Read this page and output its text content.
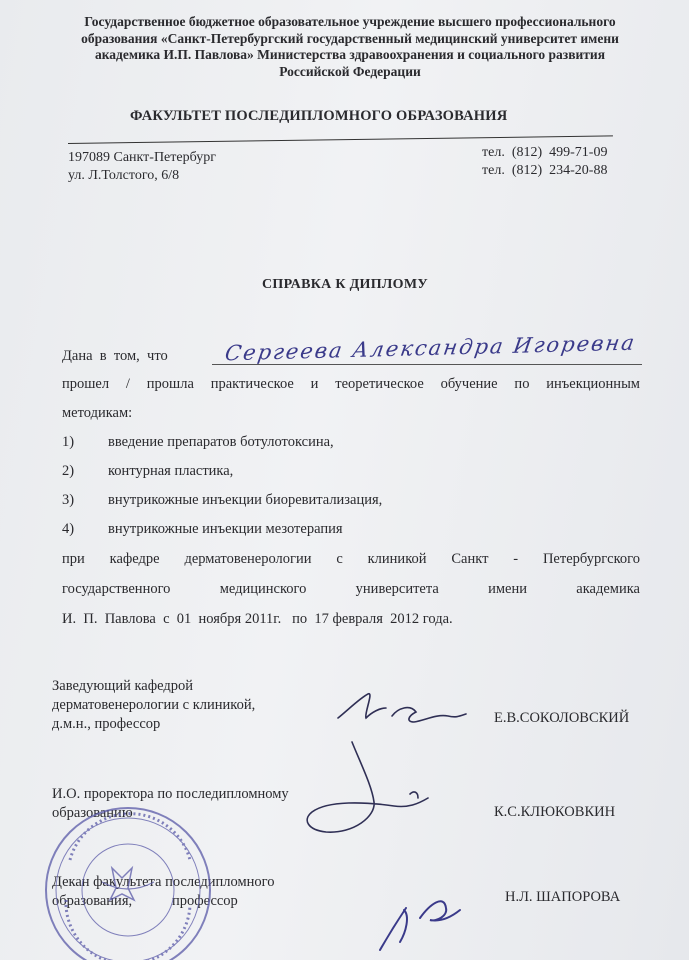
Государственное бюджетное образовательное учреждение высшего профессионального
образования «Санкт-Петербургский государственный медицинский университет имени
академика И.П. Павлова» Министерства здравоохранения и социального развития
Российской Федерации
ФАКУЛЬТЕТ ПОСЛЕДИПЛОМНОГО ОБРАЗОВАНИЯ
197089 Санкт-Петербург
ул. Л.Толстого, 6/8
тел.  (812)  499-71-09
тел.  (812)  234-20-88
СПРАВКА К ДИПЛОМУ
Дана  в  том,  что	Сергеева Александра Игоревна
прошел / прошла практическое и теоретическое обучение по инъекционным
методикам:
1) введение препаратов ботулотоксина,
2) контурная пластика,
3) внутрикожные инъекции биоревитализация,
4) внутрикожные инъекции мезотерапия
при кафедре дерматовенерологии с клиникой Санкт - Петербургского
государственного медицинского университета имени академика
И.  П.  Павлова  с  01  ноября 2011г.   по  17 февраля  2012 года.
Заведующий кафедрой
дерматовенерологии с клиникой,
д.м.н., профессор	Е.В.СОКОЛОВСКИЙ
И.О. проректора по последипломному
образованию	К.С.КЛЮКОВКИН
Декан факультета последипломного
образования,           профессор	Н.Л. ШАПОРОВА
